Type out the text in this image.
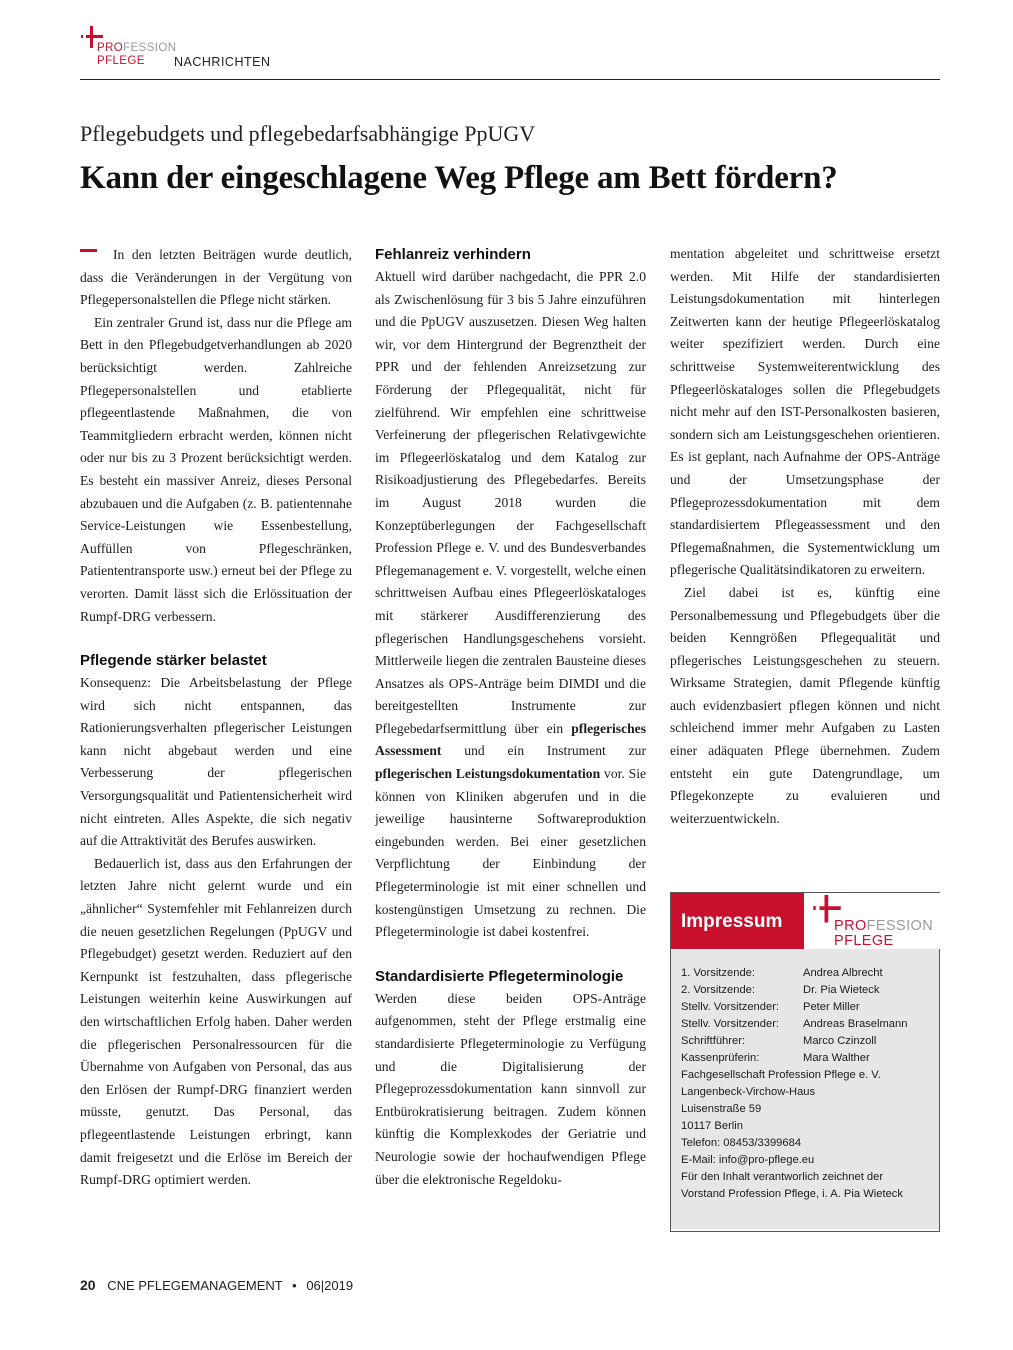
PROFESSION
PFLEGE	NACHRICHTEN
Pflegebudgets und pflegebedarfsabhängige PpUGV
Kann der eingeschlagene Weg Pflege am Bett fördern?

In den letzten Beiträgen wurde deutlich, dass die Veränderungen in der Vergütung von Pflegepersonalstellen die Pflege nicht stärken.

Ein zentraler Grund ist, dass nur die Pflege am Bett in den Pflegebudgetverhandlungen ab 2020 berücksichtigt werden. Zahlreiche Pflegepersonalstellen und etablierte pflegeentlastende Maßnahmen, die von Teammitgliedern erbracht werden, können nicht oder nur bis zu 3 Prozent berücksichtigt werden. Es besteht ein massiver Anreiz, dieses Personal abzubauen und die Aufgaben (z. B. patientennahe Service-Leistungen wie Essenbestellung, Auffüllen von Pflegeschränken, Patiententransporte usw.) erneut bei der Pflege zu verorten. Damit lässt sich die Erlössituation der Rumpf-DRG verbessern.

Pflegende stärker belastet

Konsequenz: Die Arbeitsbelastung der Pflege wird sich nicht entspannen, das Rationierungsverhalten pflegerischer Leistungen kann nicht abgebaut werden und eine Verbesserung der pflegerischen Versorgungsqualität und Patientensicherheit wird nicht eintreten. Alles Aspekte, die sich negativ auf die Attraktivität des Berufes auswirken.

Bedauerlich ist, dass aus den Erfahrungen der letzten Jahre nicht gelernt wurde und ein „ähnlicher“ Systemfehler mit Fehlanreizen durch die neuen gesetzlichen Regelungen (PpUGV und Pflegebudget) gesetzt werden. Reduziert auf den Kernpunkt ist festzuhalten, dass pflegerische Leistungen weiterhin keine Auswirkungen auf den wirtschaftlichen Erfolg haben. Daher werden die pflegerischen Personalressourcen für die Übernahme von Aufgaben von Personal, das aus den Erlösen der Rumpf-DRG finanziert werden müsste, genutzt. Das Personal, das pflegeentlastende Leistungen erbringt, kann damit freigesetzt und die Erlöse im Bereich der Rumpf-DRG optimiert werden.

Fehlanreiz verhindern

Aktuell wird darüber nachgedacht, die PPR 2.0 als Zwischenlösung für 3 bis 5 Jahre einzuführen und die PpUGV auszusetzen. Diesen Weg halten wir, vor dem Hintergrund der Begrenztheit der PPR und der fehlenden Anreizsetzung zur Förderung der Pflegequalität, nicht für zielführend. Wir empfehlen eine schrittweise Verfeinerung der pflegerischen Relativgewichte im Pflegeerlöskatalog und dem Katalog zur Risikoadjustierung des Pflegebedarfes. Bereits im August 2018 wurden die Konzeptüberlegungen der Fachgesellschaft Profession Pflege e. V. und des Bundesverbandes Pflegemanagement e. V. vorgestellt, welche einen schrittweisen Aufbau eines Pflegeerlöskataloges mit stärkerer Ausdifferenzierung des pflegerischen Handlungsgeschehens vorsieht. Mittlerweile liegen die zentralen Bausteine dieses Ansatzes als OPS-Anträge beim DIMDI und die bereitgestellten Instrumente zur Pflegebedarfsermittlung über ein pflegerisches Assessment und ein Instrument zur pflegerischen Leistungsdokumentation vor. Sie können von Kliniken abgerufen und in die jeweilige hausinterne Softwareproduktion eingebunden werden. Bei einer gesetzlichen Verpflichtung der Einbindung der Pflegeterminologie ist mit einer schnellen und kostengünstigen Umsetzung zu rechnen. Die Pflegeterminologie ist dabei kostenfrei.

Standardisierte Pflegeterminologie

Werden diese beiden OPS-Anträge aufgenommen, steht der Pflege erstmalig eine standardisierte Pflegeterminologie zu Verfügung und die Digitalisierung der Pflegeprozessdokumentation kann sinnvoll zur Entbürokratisierung beitragen. Zudem können künftig die Komplexkodes der Geriatrie und Neurologie sowie der hochaufwendigen Pflege über die elektronische Regeldoku-

mentation abgeleitet und schrittweise ersetzt werden. Mit Hilfe der standardisierten Leistungsdokumentation mit hinterlegen Zeitwerten kann der heutige Pflegeerlöskatalog weiter spezifiziert werden. Durch eine schrittweise Systemweiterentwicklung des Pflegeerlöskataloges sollen die Pflegebudgets nicht mehr auf den IST-Personalkosten basieren, sondern sich am Leistungsgeschehen orientieren. Es ist geplant, nach Aufnahme der OPS-Anträge und der Umsetzungsphase der Pflegeprozessdokumentation mit dem standardisiertem Pflegeassessment und den Pflegemaßnahmen, die Systementwicklung um pflegerische Qualitätsindikatoren zu erweitern.

Ziel dabei ist es, künftig eine Personalbemessung und Pflegebudgets über die beiden Kenngrößen Pflegequalität und pflegerisches Leistungsgeschehen zu steuern. Wirksame Strategien, damit Pflegende künftig auch evidenzbasiert pflegen können und nicht schleichend immer mehr Aufgaben zu Lasten einer adäquaten Pflege übernehmen. Zudem entsteht ein gute Datengrundlage, um Pflegekonzepte zu evaluieren und weiterzuentwickeln.

Impressum	PROFESSION
PFLEGE
1. Vorsitzende:	Andrea Albrecht
2. Vorsitzende:	Dr. Pia Wieteck
Stellv. Vorsitzender:	Peter Miller
Stellv. Vorsitzender:	Andreas Braselmann
Schriftführer:	Marco Czinzoll
Kassenprüferin:	Mara Walther
Fachgesellschaft Profession Pflege e. V.
Langenbeck-Virchow-Haus
Luisenstraße 59
10117 Berlin
Telefon: 08453/3399684
E-Mail: info@pro-pflege.eu
Für den Inhalt verantworlich zeichnet der
Vorstand Profession Pflege, i. A. Pia Wieteck
20 CNE PFLEGEMANAGEMENT • 06|2019
